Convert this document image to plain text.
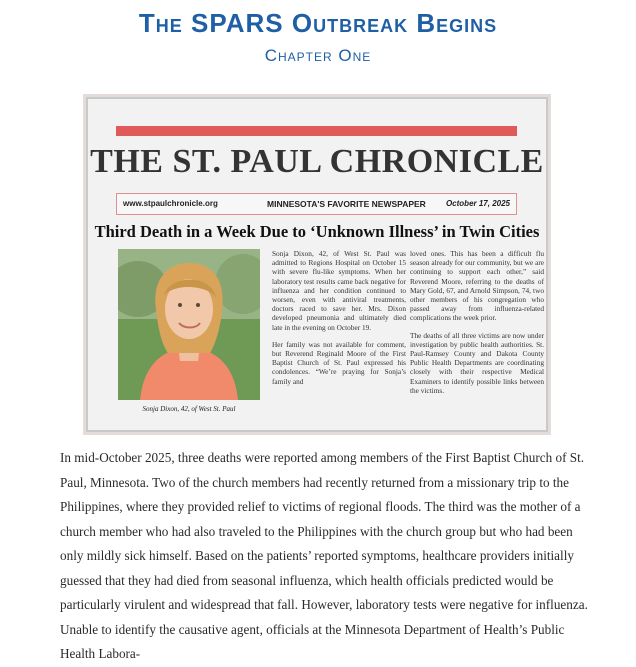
The SPARS Outbreak Begins
Chapter One
THE ST. PAUL CHRONICLE
www.stpaulchronicle.org	MINNESOTA'S FAVORITE NEWSPAPER	October 17, 2025
Third Death in a Week Due to ‘Unknown Illness’ in Twin Cities
Sonja Dixon, 42, of West St. Paul

Sonja Dixon, 42, of West St. Paul was admitted to Regions Hospital on October 15 with severe flu-like symptoms. When her laboratory test results came back negative for influenza and her condition continued to worsen, even with antiviral treatments, doctors raced to save her. Mrs. Dixon developed pneumonia and ultimately died late in the evening on October 19.

Her family was not available for comment, but Reverend Reginald Moore of the First Baptist Church of St. Paul expressed his condolences. “We’re praying for Sonja’s family and

loved ones. This has been a difficult flu season already for our community, but we are continuing to support each other,” said Reverend Moore, referring to the deaths of Mary Gold, 67, and Arnold Simpson, 74, two other members of his congregation who passed away from influenza-related complications the week prior.

The deaths of all three victims are now under investigation by public health authorities. St. Paul-Ramsey County and Dakota County Public Health Departments are coordinating closely with their respective Medical Examiners to identify possible links between the victims.

In mid-October 2025, three deaths were reported among members of the First Baptist Church of St. Paul, Minnesota. Two of the church members had recently returned from a missionary trip to the Philippines, where they provided relief to victims of regional floods. The third was the mother of a church member who had also traveled to the Philippines with the church group but who had been only mildly sick himself. Based on the patients’ reported symptoms, healthcare providers initially guessed that they had died from seasonal influenza, which health officials predicted would be particularly virulent and widespread that fall. However, laboratory tests were negative for influenza. Unable to identify the causative agent, officials at the Minnesota Department of Health’s Public Health Labora-
